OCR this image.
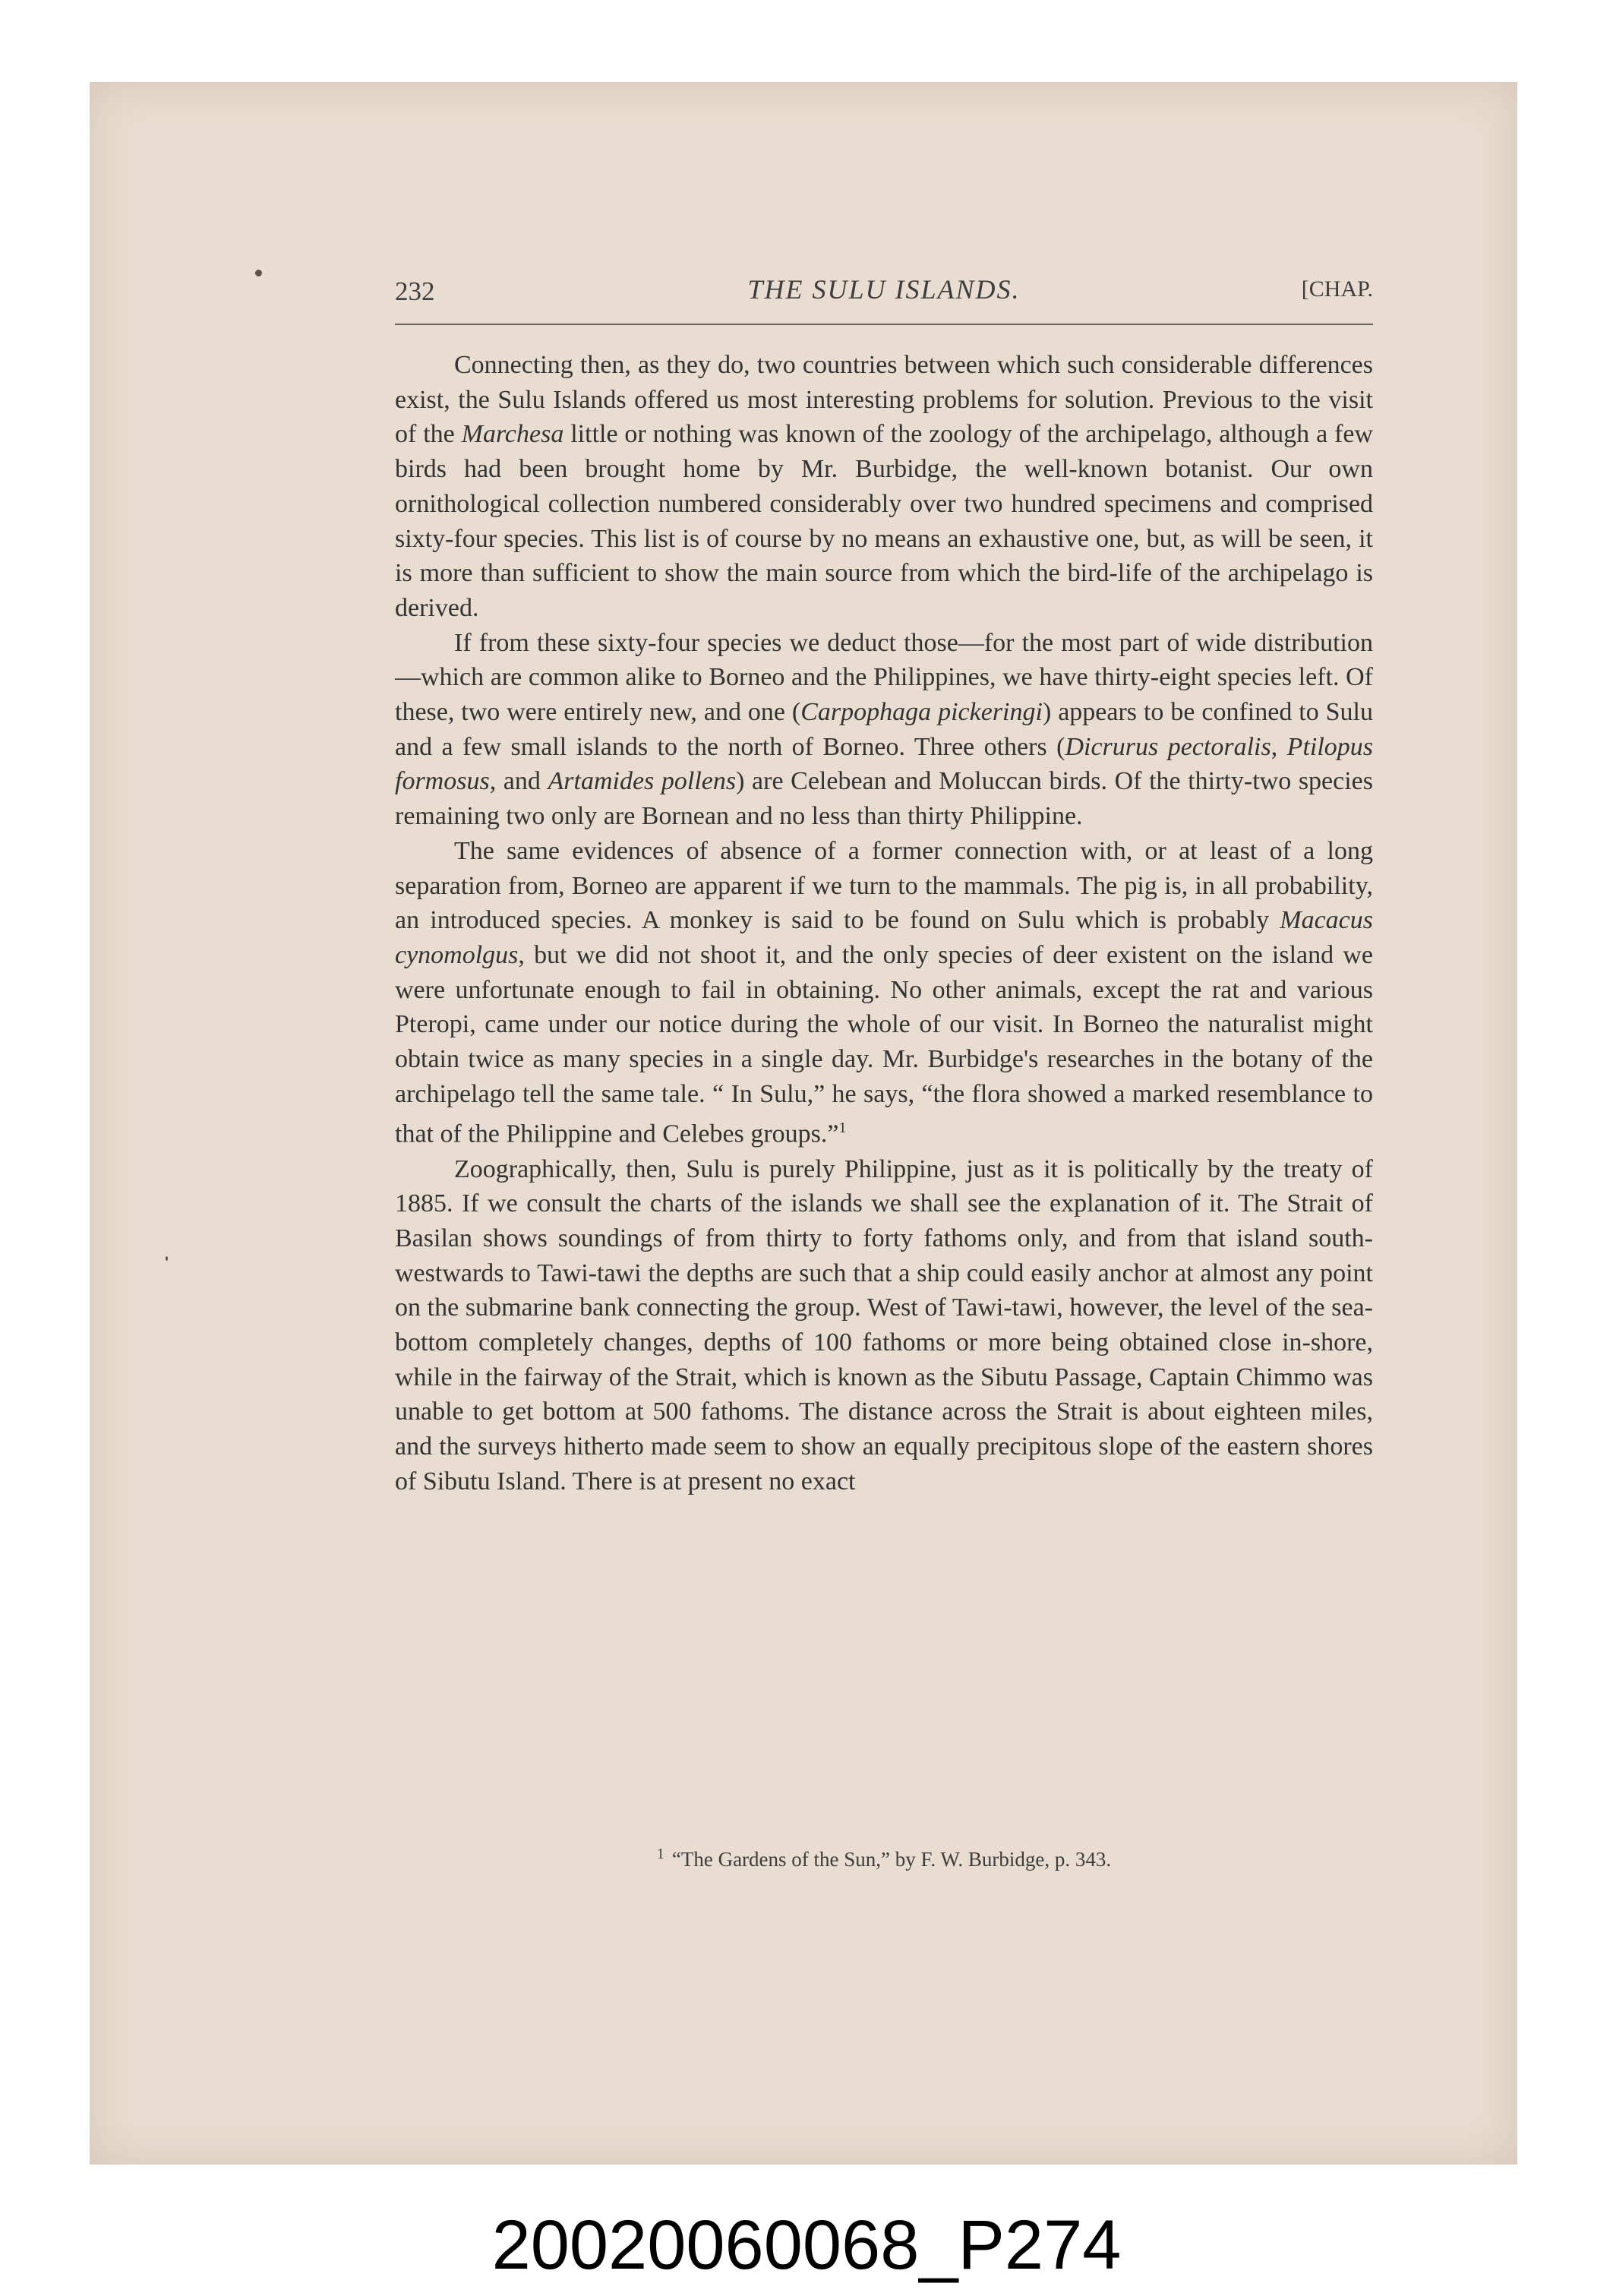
232	THE SULU ISLANDS.	[CHAP.

Connecting then, as they do, two countries between which such considerable differences exist, the Sulu Islands offered us most interesting problems for solution. Previous to the visit of the Marchesa little or nothing was known of the zoology of the archipelago, although a few birds had been brought home by Mr. Burbidge, the well-known botanist. Our own ornithological collection numbered considerably over two hundred specimens and comprised sixty-four species. This list is of course by no means an exhaustive one, but, as will be seen, it is more than sufficient to show the main source from which the bird-life of the archipelago is derived.

If from these sixty-four species we deduct those—for the most part of wide distribution—which are common alike to Borneo and the Philippines, we have thirty-eight species left. Of these, two were entirely new, and one (Carpophaga pickeringi) appears to be confined to Sulu and a few small islands to the north of Borneo. Three others (Dicrurus pectoralis, Ptilopus formosus, and Artamides pollens) are Celebean and Moluccan birds. Of the thirty-two species remaining two only are Bornean and no less than thirty Philippine.

The same evidences of absence of a former connection with, or at least of a long separation from, Borneo are apparent if we turn to the mammals. The pig is, in all probability, an introduced species. A monkey is said to be found on Sulu which is probably Macacus cynomolgus, but we did not shoot it, and the only species of deer existent on the island we were unfortunate enough to fail in obtaining. No other animals, except the rat and various Pteropi, came under our notice during the whole of our visit. In Borneo the naturalist might obtain twice as many species in a single day. Mr. Burbidge's researches in the botany of the archipelago tell the same tale. “ In Sulu,” he says, “the flora showed a marked resemblance to that of the Philippine and Celebes groups.”$^1$

Zoographically, then, Sulu is purely Philippine, just as it is politically by the treaty of 1885. If we consult the charts of the islands we shall see the explanation of it. The Strait of Basilan shows soundings of from thirty to forty fathoms only, and from that island south-westwards to Tawi-tawi the depths are such that a ship could easily anchor at almost any point on the submarine bank connecting the group. West of Tawi-tawi, however, the level of the sea-bottom completely changes, depths of 100 fathoms or more being obtained close in-shore, while in the fairway of the Strait, which is known as the Sibutu Passage, Captain Chimmo was unable to get bottom at 500 fathoms. The distance across the Strait is about eighteen miles, and the surveys hitherto made seem to show an equally precipitous slope of the eastern shores of Sibutu Island. There is at present no exact

$^1$ “The Gardens of the Sun,” by F. W. Burbidge, p. 343.
20020060068_P274
